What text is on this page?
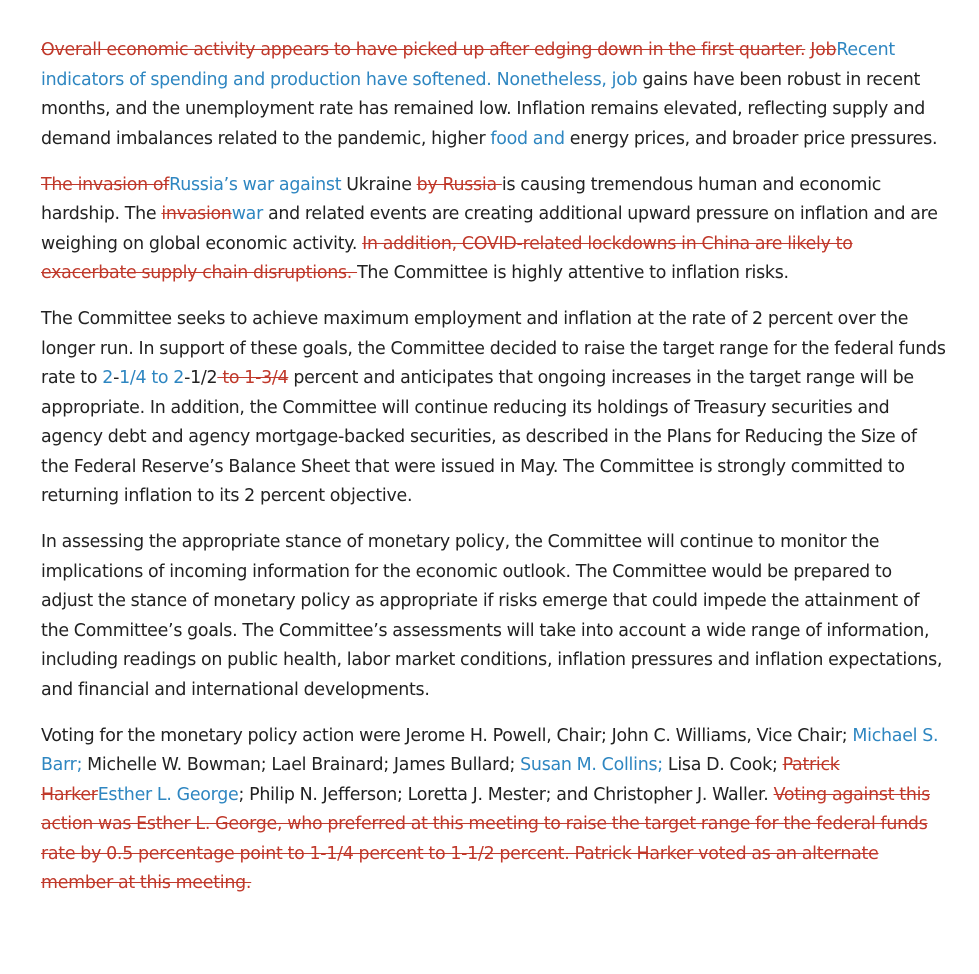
Overall economic activity appears to have picked up after edging down in the first quarter. JobRecent indicators of spending and production have softened. Nonetheless, job gains have been robust in recent months, and the unemployment rate has remained low. Inflation remains elevated, reflecting supply and demand imbalances related to the pandemic, higher food and energy prices, and broader price pressures.

The invasion ofRussia’s war against Ukraine by Russia is causing tremendous human and economic hardship. The invasionwar and related events are creating additional upward pressure on inflation and are weighing on global economic activity. In addition, COVID-related lockdowns in China are likely to exacerbate supply chain disruptions. The Committee is highly attentive to inflation risks.

The Committee seeks to achieve maximum employment and inflation at the rate of 2 percent over the longer run. In support of these goals, the Committee decided to raise the target range for the federal funds rate to 2-1/4 to 2-1/2 to 1-3/4 percent and anticipates that ongoing increases in the target range will be appropriate. In addition, the Committee will continue reducing its holdings of Treasury securities and agency debt and agency mortgage-backed securities, as described in the Plans for Reducing the Size of the Federal Reserve’s Balance Sheet that were issued in May. The Committee is strongly committed to returning inflation to its 2 percent objective.

In assessing the appropriate stance of monetary policy, the Committee will continue to monitor the implications of incoming information for the economic outlook. The Committee would be prepared to adjust the stance of monetary policy as appropriate if risks emerge that could impede the attainment of the Committee’s goals. The Committee’s assessments will take into account a wide range of information, including readings on public health, labor market conditions, inflation pressures and inflation expectations, and financial and international developments.

Voting for the monetary policy action were Jerome H. Powell, Chair; John C. Williams, Vice Chair; Michael S. Barr; Michelle W. Bowman; Lael Brainard; James Bullard; Susan M. Collins; Lisa D. Cook; Patrick HarkerEsther L. George; Philip N. Jefferson; Loretta J. Mester; and Christopher J. Waller. Voting against this action was Esther L. George, who preferred at this meeting to raise the target range for the federal funds rate by 0.5 percentage point to 1-1/4 percent to 1-1/2 percent. Patrick Harker voted as an alternate member at this meeting.
